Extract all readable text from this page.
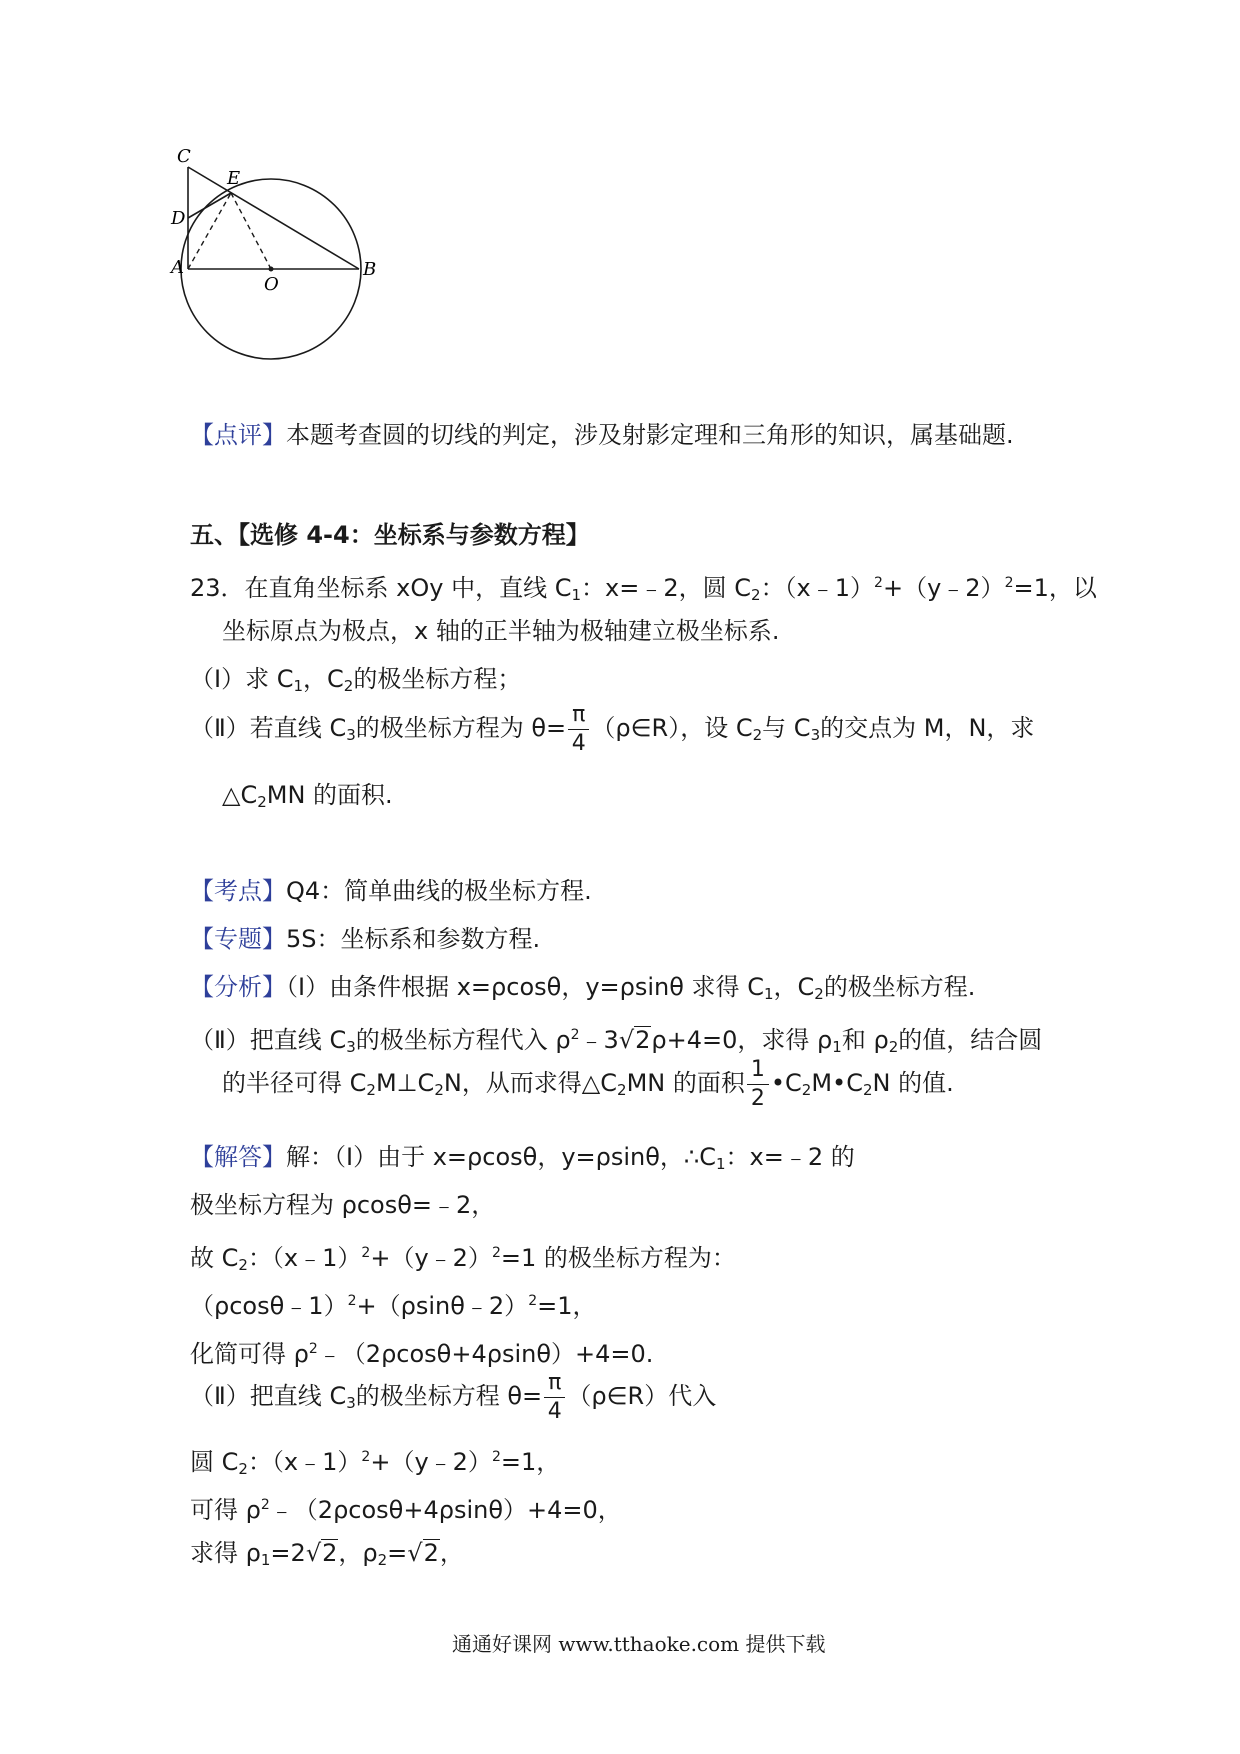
C
E
D
A
O
B
【点评】本题考查圆的切线的判定，涉及射影定理和三角形的知识，属基础题.
五、【选修 4-4：坐标系与参数方程】
23．在直角坐标系 xOy 中，直线 $C_1$：x=﹣2，圆 $C_2$：（x﹣1）$^2$+（y﹣2）$^2$=1，以
坐标原点为极点，x 轴的正半轴为极轴建立极坐标系.
（Ⅰ）求 $C_1$，$C_2$的极坐标方程；
（Ⅱ）若直线 $C_3$的极坐标方程为 $\theta= \frac{\pi}{4}$ （ρ∈R），设 $C_2$与 $C_3$的交点为 M，N，求
$\triangle C_2MN$ 的面积.
【考点】Q4：简单曲线的极坐标方程.
【专题】5S：坐标系和参数方程.
【分析】（Ⅰ）由条件根据 x=ρcosθ，y=ρsinθ 求得 $C_1$，$C_2$的极坐标方程.
（Ⅱ）把直线 $C_3$的极坐标方程代入 $\rho^2﹣3√2\rho+4=0$，求得 $\rho_1$和 $\rho_2$的值，结合圆
的半径可得 $C_2M\perp C_2N$，从而求得$\triangle C_2MN$ 的面积 $\frac{1}{2}$ $•C_2M•C_2N$ 的值.
【解答】解：（Ⅰ）由于 x=ρcosθ，y=ρsinθ，$\therefore C_1$：x=﹣2 的
极坐标方程为 ρcosθ=﹣2，
故 $C_2$：（x﹣1）$^2$+（y﹣2）$^2$=1 的极坐标方程为：
（ρcosθ﹣1）$^2$+（ρsinθ﹣2）$^2$=1，
化简可得 $\rho^2﹣(2\rho\cos\theta+4\rho\sin\theta)+4=0$.
（Ⅱ）把直线 $C_3$的极坐标方程 $\theta= \frac{\pi}{4}$ （ρ∈R）代入
圆 $C_2$：（x﹣1）$^2$+（y﹣2）$^2$=1，
可得 $\rho^2﹣(2\rho\cos\theta+4\rho\sin\theta)+4=0$，
求得 $\rho_1=2√2$，$\rho_2=√2$，
通通好课网 www.tthaoke.com 提供下载
